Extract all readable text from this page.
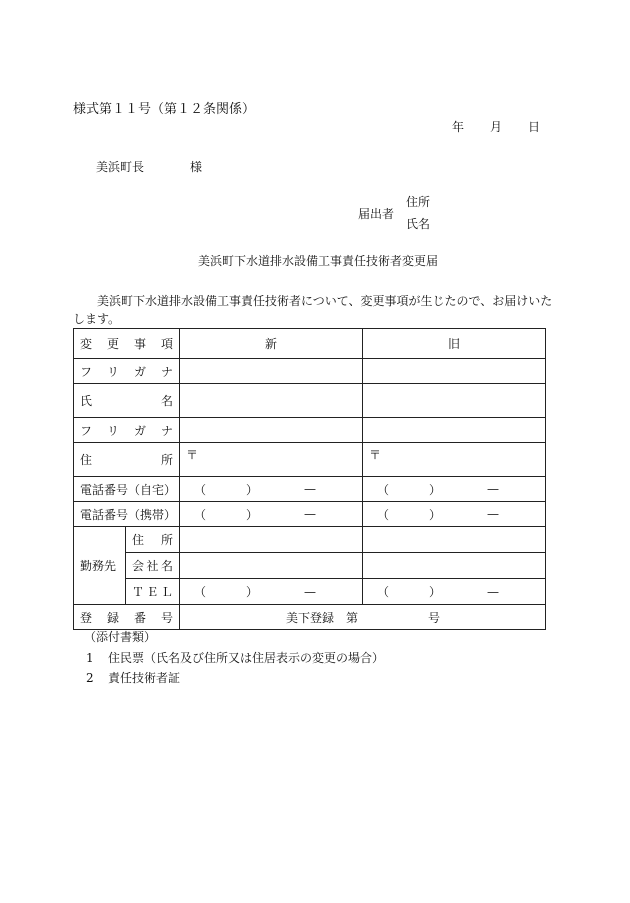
様式第１１号（第１２条関係）
年 月 日
美浜町長	様
届出者
住所
氏名
美浜町下水道排水設備工事責任技術者変更届
美浜町下水道排水設備工事責任技術者について、変更事項が生じたので、お届けいたします。
変 更 事 項		新	旧

フ リ ガ ナ			

氏 名			

フ リ ガ ナ			

住 所		〒	〒

電話番号（自宅）		（ ） —	（ ） —

電話番号（携帯）		（ ） —	（ ） —

勤務先	住 所		

	会 社 名		

	Ｔ Ｅ Ｌ	（ ） —	（ ） —

登 録 番 号		美下登録　第 号	
（添付書類）
1 住民票（氏名及び住所又は住居表示の変更の場合）
2 責任技術者証
